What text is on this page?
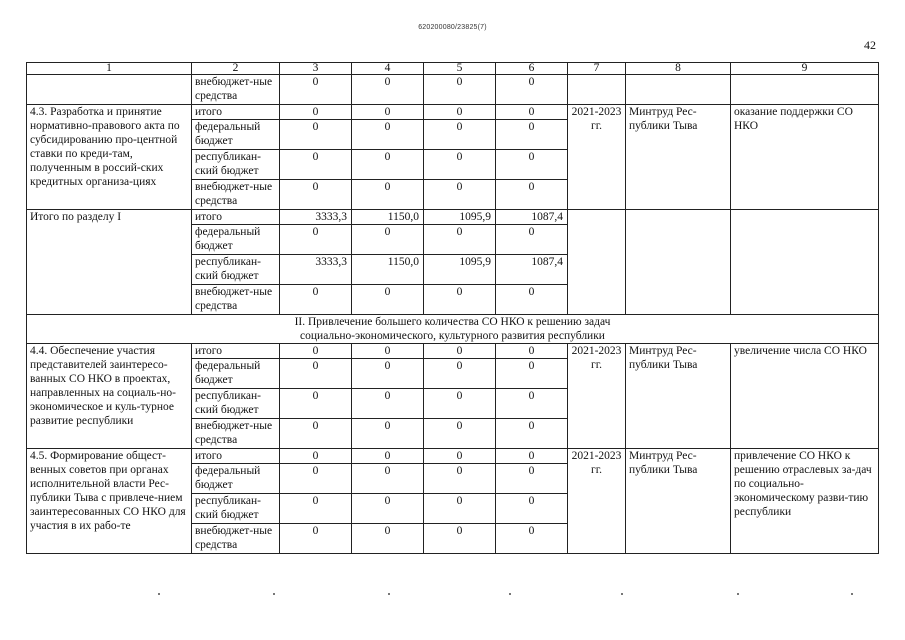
620200080/23825(7)
42
1	2	3	4	5	6	7	8	9
	внебюджет-ные средства	0	0	0	0			
4.3. Разработка и принятие нормативно-правового акта по субсидированию про-центной ставки по креди-там, полученным в россий-ских кредитных организа-циях	итого	0	0	0	0	2021-2023 гг.	Минтруд Рес-публики Тыва	оказание поддержки СО НКО
	федеральный бюджет	0	0	0	0			
	республикан-ский бюджет	0	0	0	0			
	внебюджет-ные средства	0	0	0	0			
Итого по разделу I	итого	3333,3	1150,0	1095,9	1087,4			
	федеральный бюджет	0	0	0	0			
	республикан-ский бюджет	3333,3	1150,0	1095,9	1087,4			
	внебюджет-ные средства	0	0	0	0			
II. Привлечение большего количества СО НКО к решению задач социально-экономического, культурного развития республики								
4.4. Обеспечение участия представителей заинтересо-ванных СО НКО в проектах, направленных на социаль-но-экономическое и куль-турное развитие республики	итого	0	0	0	0	2021-2023 гг.	Минтруд Рес-публики Тыва	увеличение числа СО НКО
	федеральный бюджет	0	0	0	0			
	республикан-ский бюджет	0	0	0	0			
	внебюджет-ные средства	0	0	0	0			
4.5. Формирование общест-венных советов при органах исполнительной власти Рес-публики Тыва с привлече-нием заинтересованных СО НКО для участия в их рабо-те	итого	0	0	0	0	2021-2023 гг.	Минтруд Рес-публики Тыва	привлечение СО НКО к решению отраслевых за-дач по социально-экономическому разви-тию республики
	федеральный бюджет	0	0	0	0			
	республикан-ский бюджет	0	0	0	0			
	внебюджет-ные средства	0	0	0	0			
